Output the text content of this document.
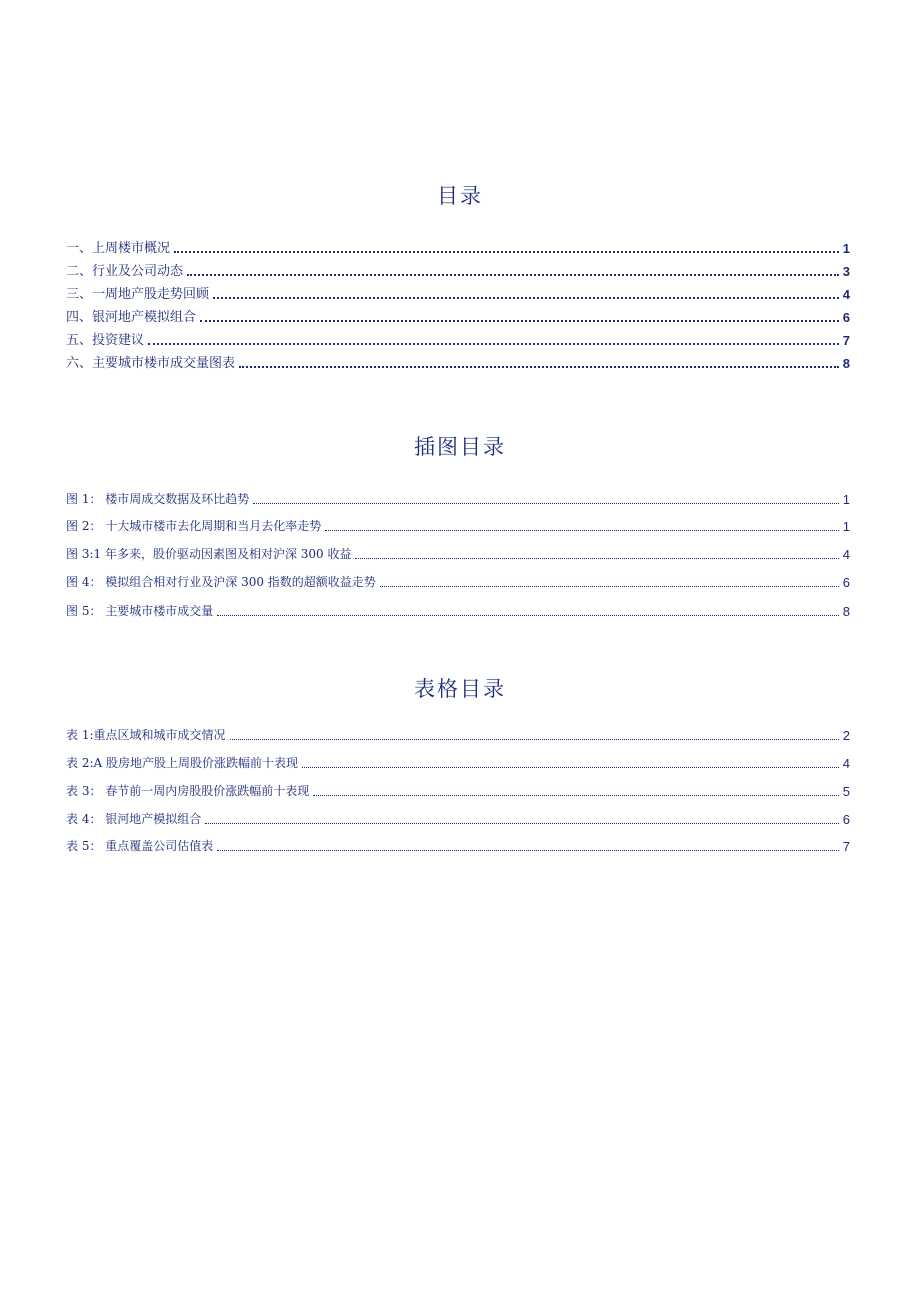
目录
一、上周楼市概况	1
二、行业及公司动态	3
三、一周地产股走势回顾	4
四、银河地产模拟组合	6
五、投资建议	7
六、主要城市楼市成交量图表	8
插图目录
图 1： 楼市周成交数据及环比趋势	1
图 2： 十大城市楼市去化周期和当月去化率走势	1
图 3:1 年多来，股价驱动因素图及相对沪深 300 收益	4
图 4： 模拟组合相对行业及沪深 300 指数的超额收益走势	6
图 5： 主要城市楼市成交量	8
表格目录
表 1:重点区域和城市成交情况	2
表 2:A 股房地产股上周股价涨跌幅前十表现	4
表 3： 春节前一周内房股股价涨跌幅前十表现	5
表 4： 银河地产模拟组合	6
表 5： 重点覆盖公司估值表	7
